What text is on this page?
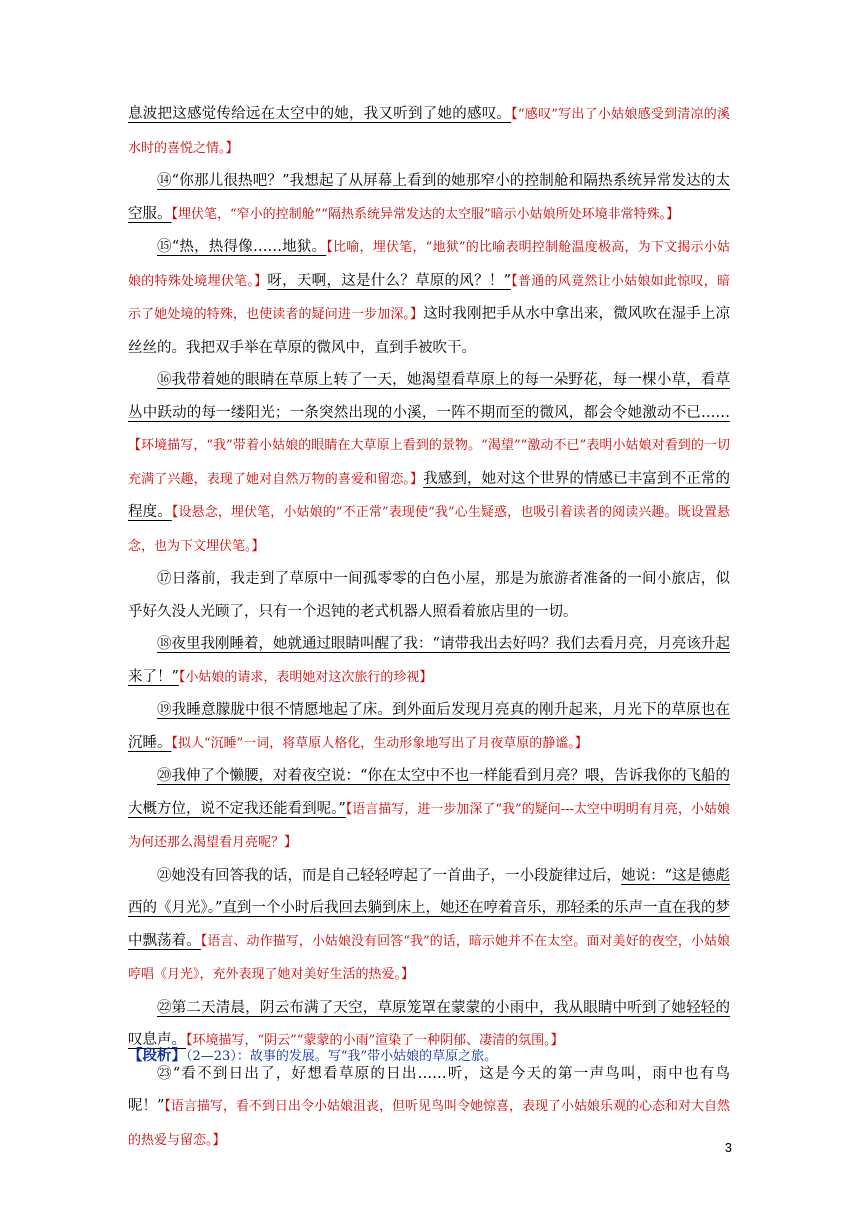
息波把这感觉传给远在太空中的她，我又听到了她的感叹。【“感叹”写出了小姑娘感受到清凉的溪水时的喜悦之情。】

⑭“你那儿很热吧？”我想起了从屏幕上看到的她那窄小的控制舱和隔热系统异常发达的太空服。【埋伏笔，“窄小的控制舱”“隔热系统异常发达的太空服”暗示小姑娘所处环境非常特殊。】

⑮“热，热得像……地狱。【比喻，埋伏笔，“地狱”的比喻表明控制舱温度极高，为下文揭示小姑娘的特殊处境埋伏笔。】呀，天啊，这是什么？草原的风？！”【普通的风竟然让小姑娘如此惊叹，暗示了她处境的特殊，也使读者的疑问进一步加深。】这时我刚把手从水中拿出来，微风吹在湿手上凉丝丝的。我把双手举在草原的微风中，直到手被吹干。

⑯我带着她的眼睛在草原上转了一天，她渴望看草原上的每一朵野花，每一棵小草，看草丛中跃动的每一缕阳光；一条突然出现的小溪，一阵不期而至的微风，都会令她激动不已……【环境描写，“我”带着小姑娘的眼睛在大草原上看到的景物。“渴望”“激动不已”表明小姑娘对看到的一切充满了兴趣，表现了她对自然万物的喜爱和留恋。】我感到，她对这个世界的情感已丰富到不正常的程度。【设悬念，埋伏笔，小姑娘的“不正常”表现使“我”心生疑惑，也吸引着读者的阅读兴趣。既设置悬念，也为下文埋伏笔。】

⑰日落前，我走到了草原中一间孤零零的白色小屋，那是为旅游者准备的一间小旅店，似乎好久没人光顾了，只有一个迟钝的老式机器人照看着旅店里的一切。

⑱夜里我刚睡着，她就通过眼睛叫醒了我：“请带我出去好吗？我们去看月亮，月亮该升起来了！”【小姑娘的请求，表明她对这次旅行的珍视】

⑲我睡意朦胧中很不情愿地起了床。到外面后发现月亮真的刚升起来，月光下的草原也在沉睡。【拟人“沉睡”一词，将草原人格化，生动形象地写出了月夜草原的静谧。】

⑳我伸了个懒腰，对着夜空说：“你在太空中不也一样能看到月亮？喂，告诉我你的飞船的大概方位，说不定我还能看到呢。”【语言描写，进一步加深了“我”的疑问---太空中明明有月亮，小姑娘为何还那么渴望看月亮呢？】

㉑她没有回答我的话，而是自己轻轻哼起了一首曲子，一小段旋律过后，她说：“这是德彪西的《月光》。”直到一个小时后我回去躺到床上，她还在哼着音乐，那轻柔的乐声一直在我的梦中飘荡着。【语言、动作描写，小姑娘没有回答“我”的话，暗示她并不在太空。面对美好的夜空，小姑娘哼唱《月光》，充外表现了她对美好生活的热爱。】

㉒第二天清晨，阴云布满了天空，草原笼罩在蒙蒙的小雨中，我从眼睛中听到了她轻轻的叹息声。【环境描写，“阴云”“蒙蒙的小雨”渲染了一种阴郁、凄清的氛围。】

㉓“看不到日出了，好想看草原的日出……听，这是今天的第一声鸟叫，雨中也有鸟呢！”【语言描写，看不到日出令小姑娘沮丧，但听见鸟叫令她惊喜，表现了小姑娘乐观的心态和对大自然的热爱与留恋。】

【段析】（2—23）：故事的发展。写“我”带小姑娘的草原之旅。

3
